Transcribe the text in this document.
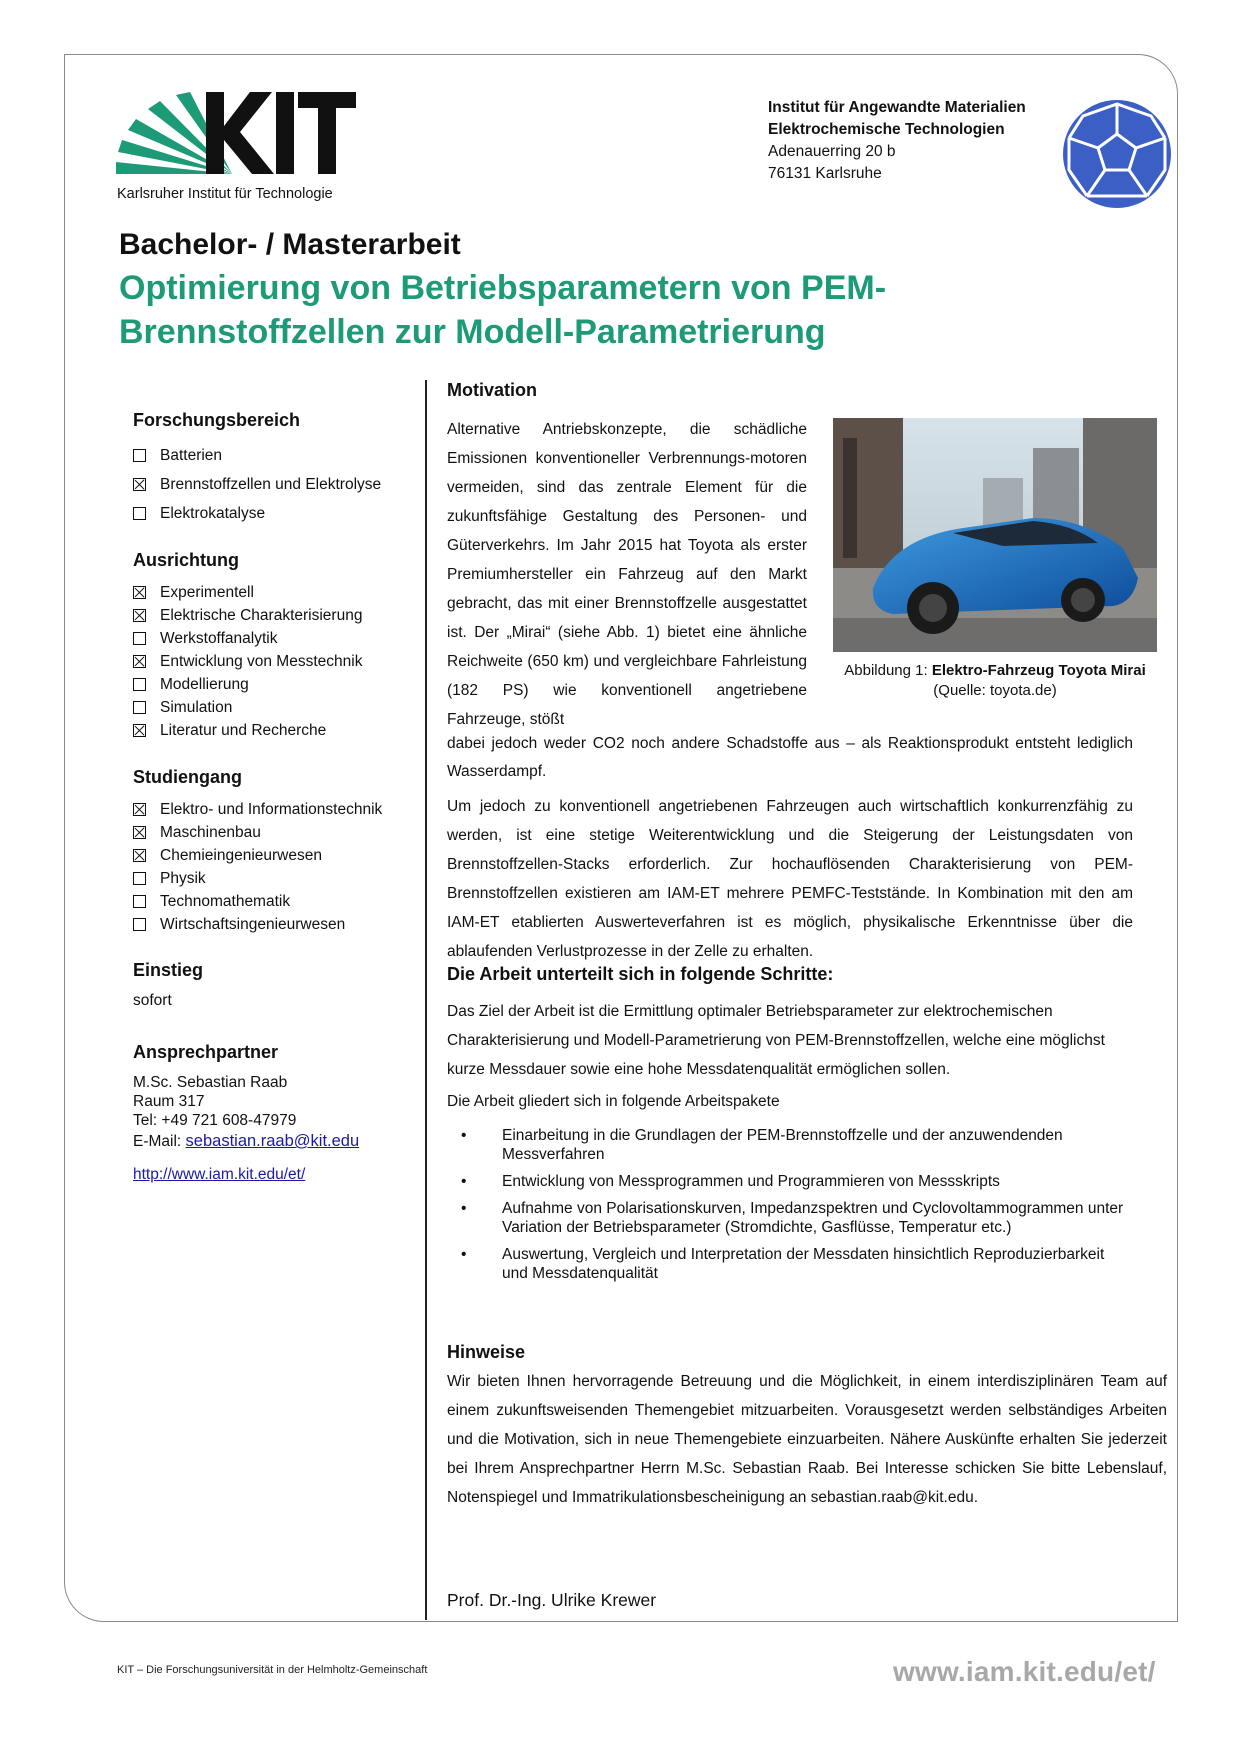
Karlsruher Institut für Technologie
Institut für Angewandte Materialien
Elektrochemische Technologien
Adenauerring 20 b
76131 Karlsruhe
Bachelor- / Masterarbeit
Optimierung von Betriebsparametern von PEM-Brennstoffzellen zur Modell-Parametrierung
Forschungsbereich
Batterien
Brennstoffzellen und Elektrolyse
Elektrokatalyse
Ausrichtung
Experimentell
Elektrische Charakterisierung
Werkstoffanalytik
Entwicklung von Messtechnik
Modellierung
Simulation
Literatur und Recherche
Studiengang
Elektro- und Informationstechnik
Maschinenbau
Chemieingenieurwesen
Physik
Technomathematik
Wirtschaftsingenieurwesen
Einstieg
sofort
Ansprechpartner
M.Sc. Sebastian Raab
Raum 317
Tel: +49 721 608-47979
E-Mail: sebastian.raab@kit.edu
http://www.iam.kit.edu/et/
Motivation

Alternative Antriebskonzepte, die schädliche Emissionen konventioneller Verbrennungs-motoren vermeiden, sind das zentrale Element für die zukunftsfähige Gestaltung des Personen- und Güterverkehrs. Im Jahr 2015 hat Toyota als erster Premiumhersteller ein Fahrzeug auf den Markt gebracht, das mit einer Brennstoffzelle ausgestattet ist. Der „Mirai“ (siehe Abb. 1) bietet eine ähnliche Reichweite (650 km) und vergleichbare Fahrleistung (182 PS) wie konventionell angetriebene Fahrzeuge, stößt

dabei jedoch weder CO2 noch andere Schadstoffe aus – als Reaktionsprodukt entsteht lediglich Wasserdampf.

Um jedoch zu konventionell angetriebenen Fahrzeugen auch wirtschaftlich konkurrenzfähig zu werden, ist eine stetige Weiterentwicklung und die Steigerung der Leistungsdaten von Brennstoffzellen-Stacks erforderlich. Zur hochauflösenden Charakterisierung von PEM-Brennstoffzellen existieren am IAM-ET mehrere PEMFC-Teststände. In Kombination mit den am IAM-ET etablierten Auswerteverfahren ist es möglich, physikalische Erkenntnisse über die ablaufenden Verlustprozesse in der Zelle zu erhalten.

Abbildung 1: Elektro-Fahrzeug Toyota Mirai
(Quelle: toyota.de)
Die Arbeit unterteilt sich in folgende Schritte:

Das Ziel der Arbeit ist die Ermittlung optimaler Betriebsparameter zur elektrochemischen Charakterisierung und Modell-Parametrierung von PEM-Brennstoffzellen, welche eine möglichst kurze Messdauer sowie eine hohe Messdatenqualität ermöglichen sollen.

Die Arbeit gliedert sich in folgende Arbeitspakete

• Einarbeitung in die Grundlagen der PEM-Brennstoffzelle und der anzuwendenden Messverfahren
• Entwicklung von Messprogrammen und Programmieren von Messskripts
• Aufnahme von Polarisationskurven, Impedanzspektren und Cyclovoltammogrammen unter Variation der Betriebsparameter (Stromdichte, Gasflüsse, Temperatur etc.)
• Auswertung, Vergleich und Interpretation der Messdaten hinsichtlich Reproduzierbarkeit und Messdatenqualität
Hinweise

Wir bieten Ihnen hervorragende Betreuung und die Möglichkeit, in einem interdisziplinären Team auf einem zukunftsweisenden Themengebiet mitzuarbeiten. Vorausgesetzt werden selbständiges Arbeiten und die Motivation, sich in neue Themengebiete einzuarbeiten. Nähere Auskünfte erhalten Sie jederzeit bei Ihrem Ansprechpartner Herrn M.Sc. Sebastian Raab. Bei Interesse schicken Sie bitte Lebenslauf, Notenspiegel und Immatrikulationsbescheinigung an sebastian.raab@kit.edu.

Prof. Dr.-Ing. Ulrike Krewer
KIT – Die Forschungsuniversität in der Helmholtz-Gemeinschaft	www.iam.kit.edu/et/
